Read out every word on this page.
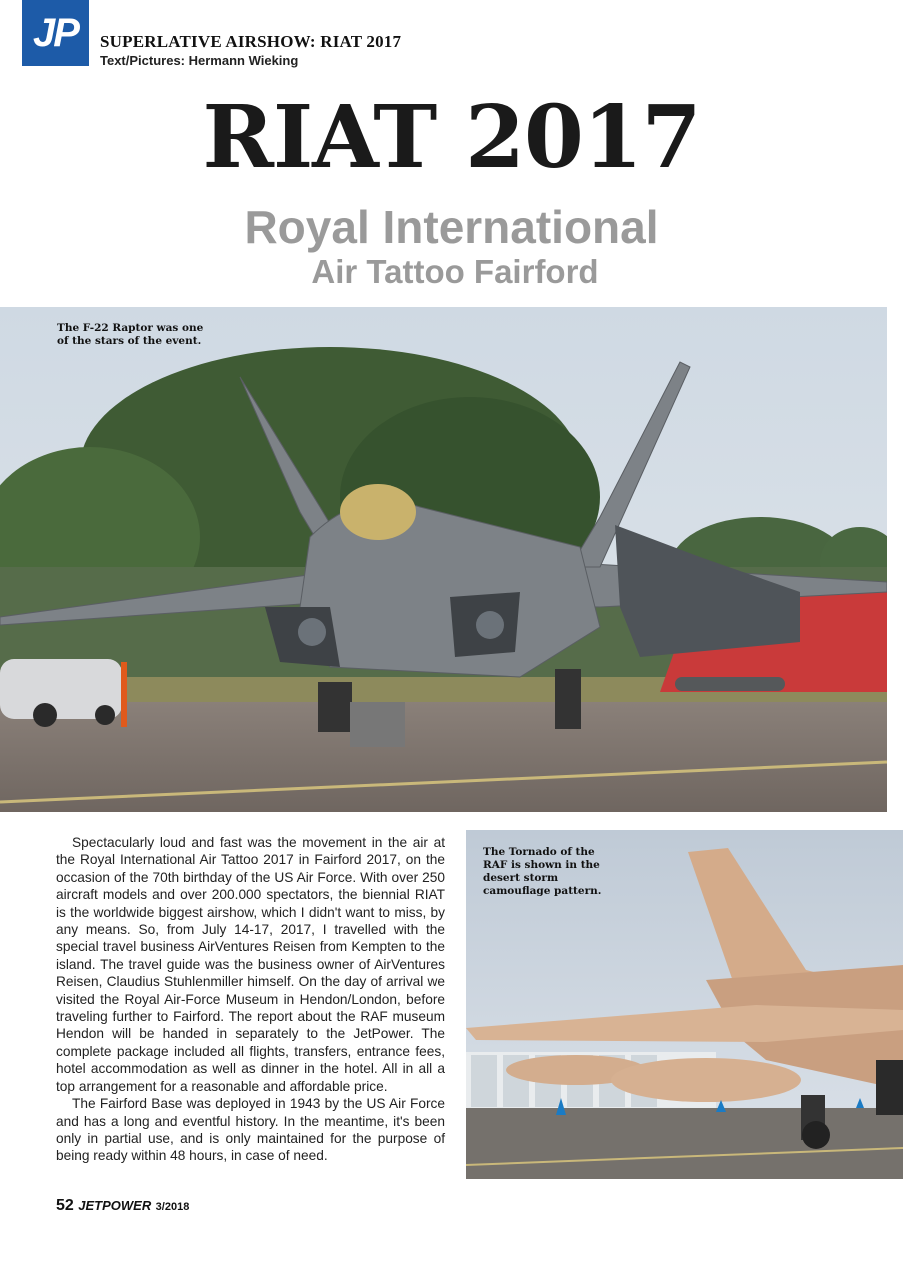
JP	SUPERLATIVE AIRSHOW: RIAT 2017
Text/Pictures: Hermann Wieking
RIAT 2017
Royal International
Air Tattoo Fairford
The F-22 Raptor was one of the stars of the event.

Spectacularly loud and fast was the movement in the air at the Royal International Air Tattoo 2017 in Fairford 2017, on the occasion of the 70th birthday of the US Air Force. With over 250 aircraft models and over 200.000 spectators, the biennial RIAT is the worldwide biggest airshow, which I didn't want to miss, by any means. So, from July 14-17, 2017, I travelled with the special travel business AirVentures Reisen from Kempten to the island. The travel guide was the business owner of AirVentures Reisen, Claudius Stuhlenmiller himself. On the day of arrival we visited the Royal Air-Force Museum in Hendon/London, before traveling further to Fairford. The report about the RAF museum Hendon will be handed in separately to the JetPower. The complete package included all flights, transfers, entrance fees, hotel accommodation as well as dinner in the hotel. All in all a top arrangement for a reasonable and affordable price.

The Fairford Base was deployed in 1943 by the US Air Force and has a long and eventful history. In the meantime, it's been only in partial use, and is only maintained for the purpose of being ready within 48 hours, in case of need.

The Tornado of the RAF is shown in the desert storm camouflage pattern.
52 JETPOWER 3/2018
